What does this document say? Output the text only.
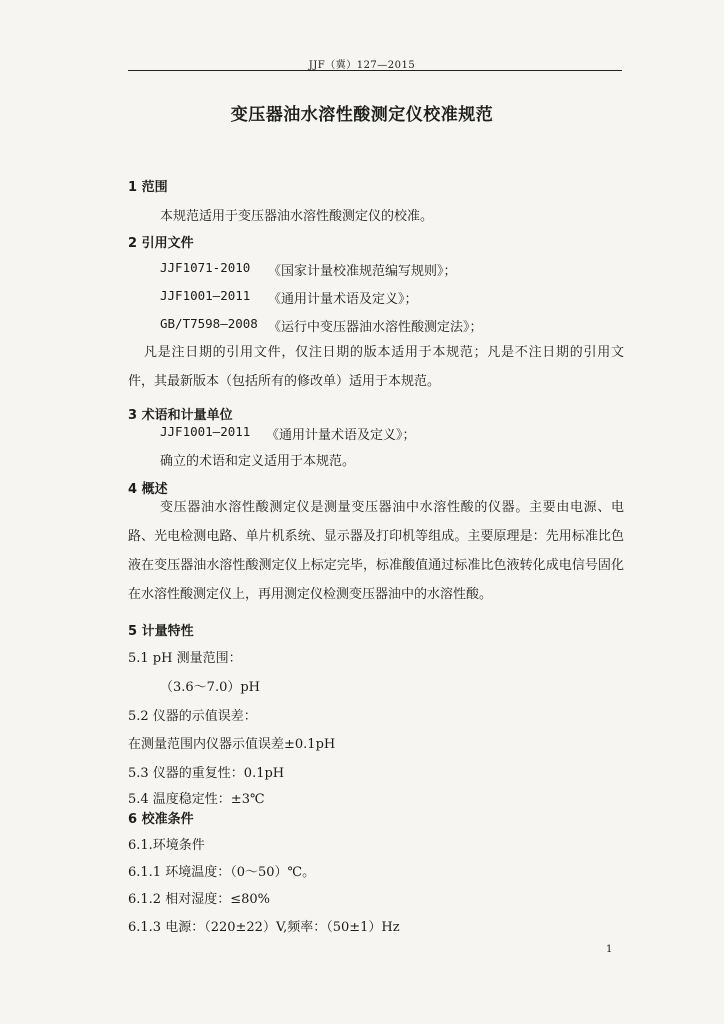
JJF（冀）127—2015
变压器油水溶性酸测定仪校准规范
1 范围
本规范适用于变压器油水溶性酸测定仪的校准。
2 引用文件
JJF1071-2010 《国家计量校准规范编写规则》；
JJF1001—2011 《通用计量术语及定义》；
GB/T7598—2008 《运行中变压器油水溶性酸测定法》；
凡是注日期的引用文件，仅注日期的版本适用于本规范；凡是不注日期的引用文件，其最新版本（包括所有的修改单）适用于本规范。
3 术语和计量单位
JJF1001—2011 《通用计量术语及定义》；
确立的术语和定义适用于本规范。
4 概述
变压器油水溶性酸测定仪是测量变压器油中水溶性酸的仪器。主要由电源、电路、光电检测电路、单片机系统、显示器及打印机等组成。主要原理是：先用标准比色液在变压器油水溶性酸测定仪上标定完毕，标准酸值通过标准比色液转化成电信号固化在水溶性酸测定仪上，再用测定仪检测变压器油中的水溶性酸。
5 计量特性
5.1 pH 测量范围：
（3.6～7.0）pH
5.2 仪器的示值误差：
在测量范围内仪器示值误差±0.1pH
5.3 仪器的重复性：0.1pH
5.4 温度稳定性：±3℃
6 校准条件
6.1.环境条件
6.1.1 环境温度：（0～50）℃。
6.1.2 相对湿度：≤80%
6.1.3 电源：（220±22）V,频率：（50±1）Hz
1
